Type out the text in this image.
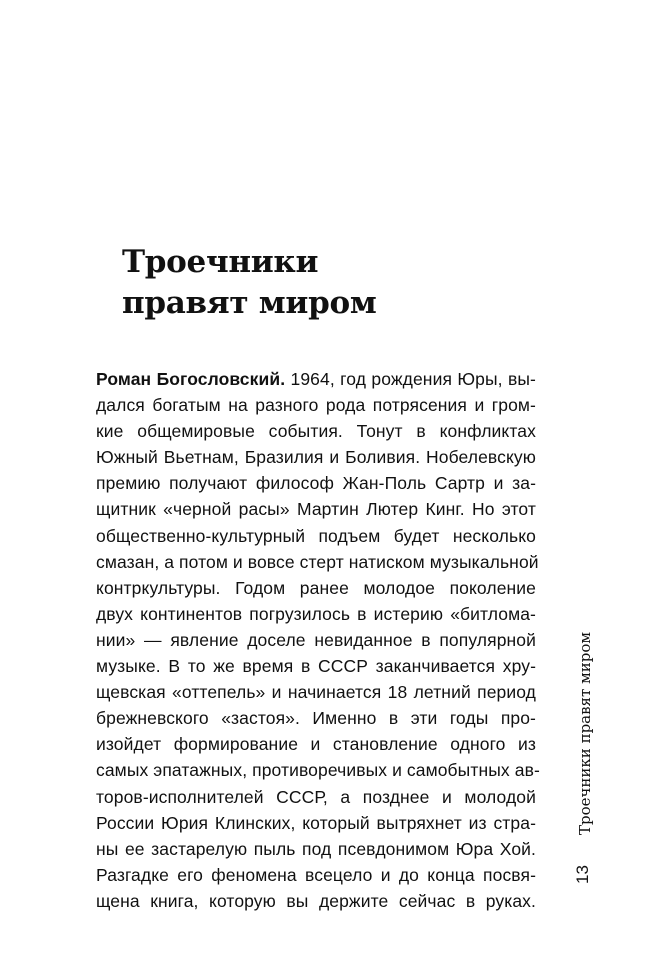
Троечники
правят миром
Роман Богословский. 1964, год рождения Юры, вы-
дался богатым на разного рода потрясения и гром-
кие общемировые события. Тонут в конфликтах
Южный Вьетнам, Бразилия и Боливия. Нобелевскую
премию получают философ Жан-Поль Сартр и за-
щитник «черной расы» Мартин Лютер Кинг. Но этот
общественно-культурный подъем будет несколько
смазан, а потом и вовсе стерт натиском музыкальной
контркультуры. Годом ранее молодое поколение
двух континентов погрузилось в истерию «битлома-
нии» — явление доселе невиданное в популярной
музыке. В то же время в СССР заканчивается хру-
щевская «оттепель» и начинается 18 летний период
брежневского «застоя». Именно в эти годы про-
изойдет формирование и становление одного из
самых эпатажных, противоречивых и самобытных ав-
торов-исполнителей СССР, а позднее и молодой
России Юрия Клинских, который вытряхнет из стра-
ны ее застарелую пыль под псевдонимом Юра Хой.
Разгадке его феномена всецело и до конца посвя-
щена книга, которую вы держите сейчас в руках.
Троечники правят миром
13
